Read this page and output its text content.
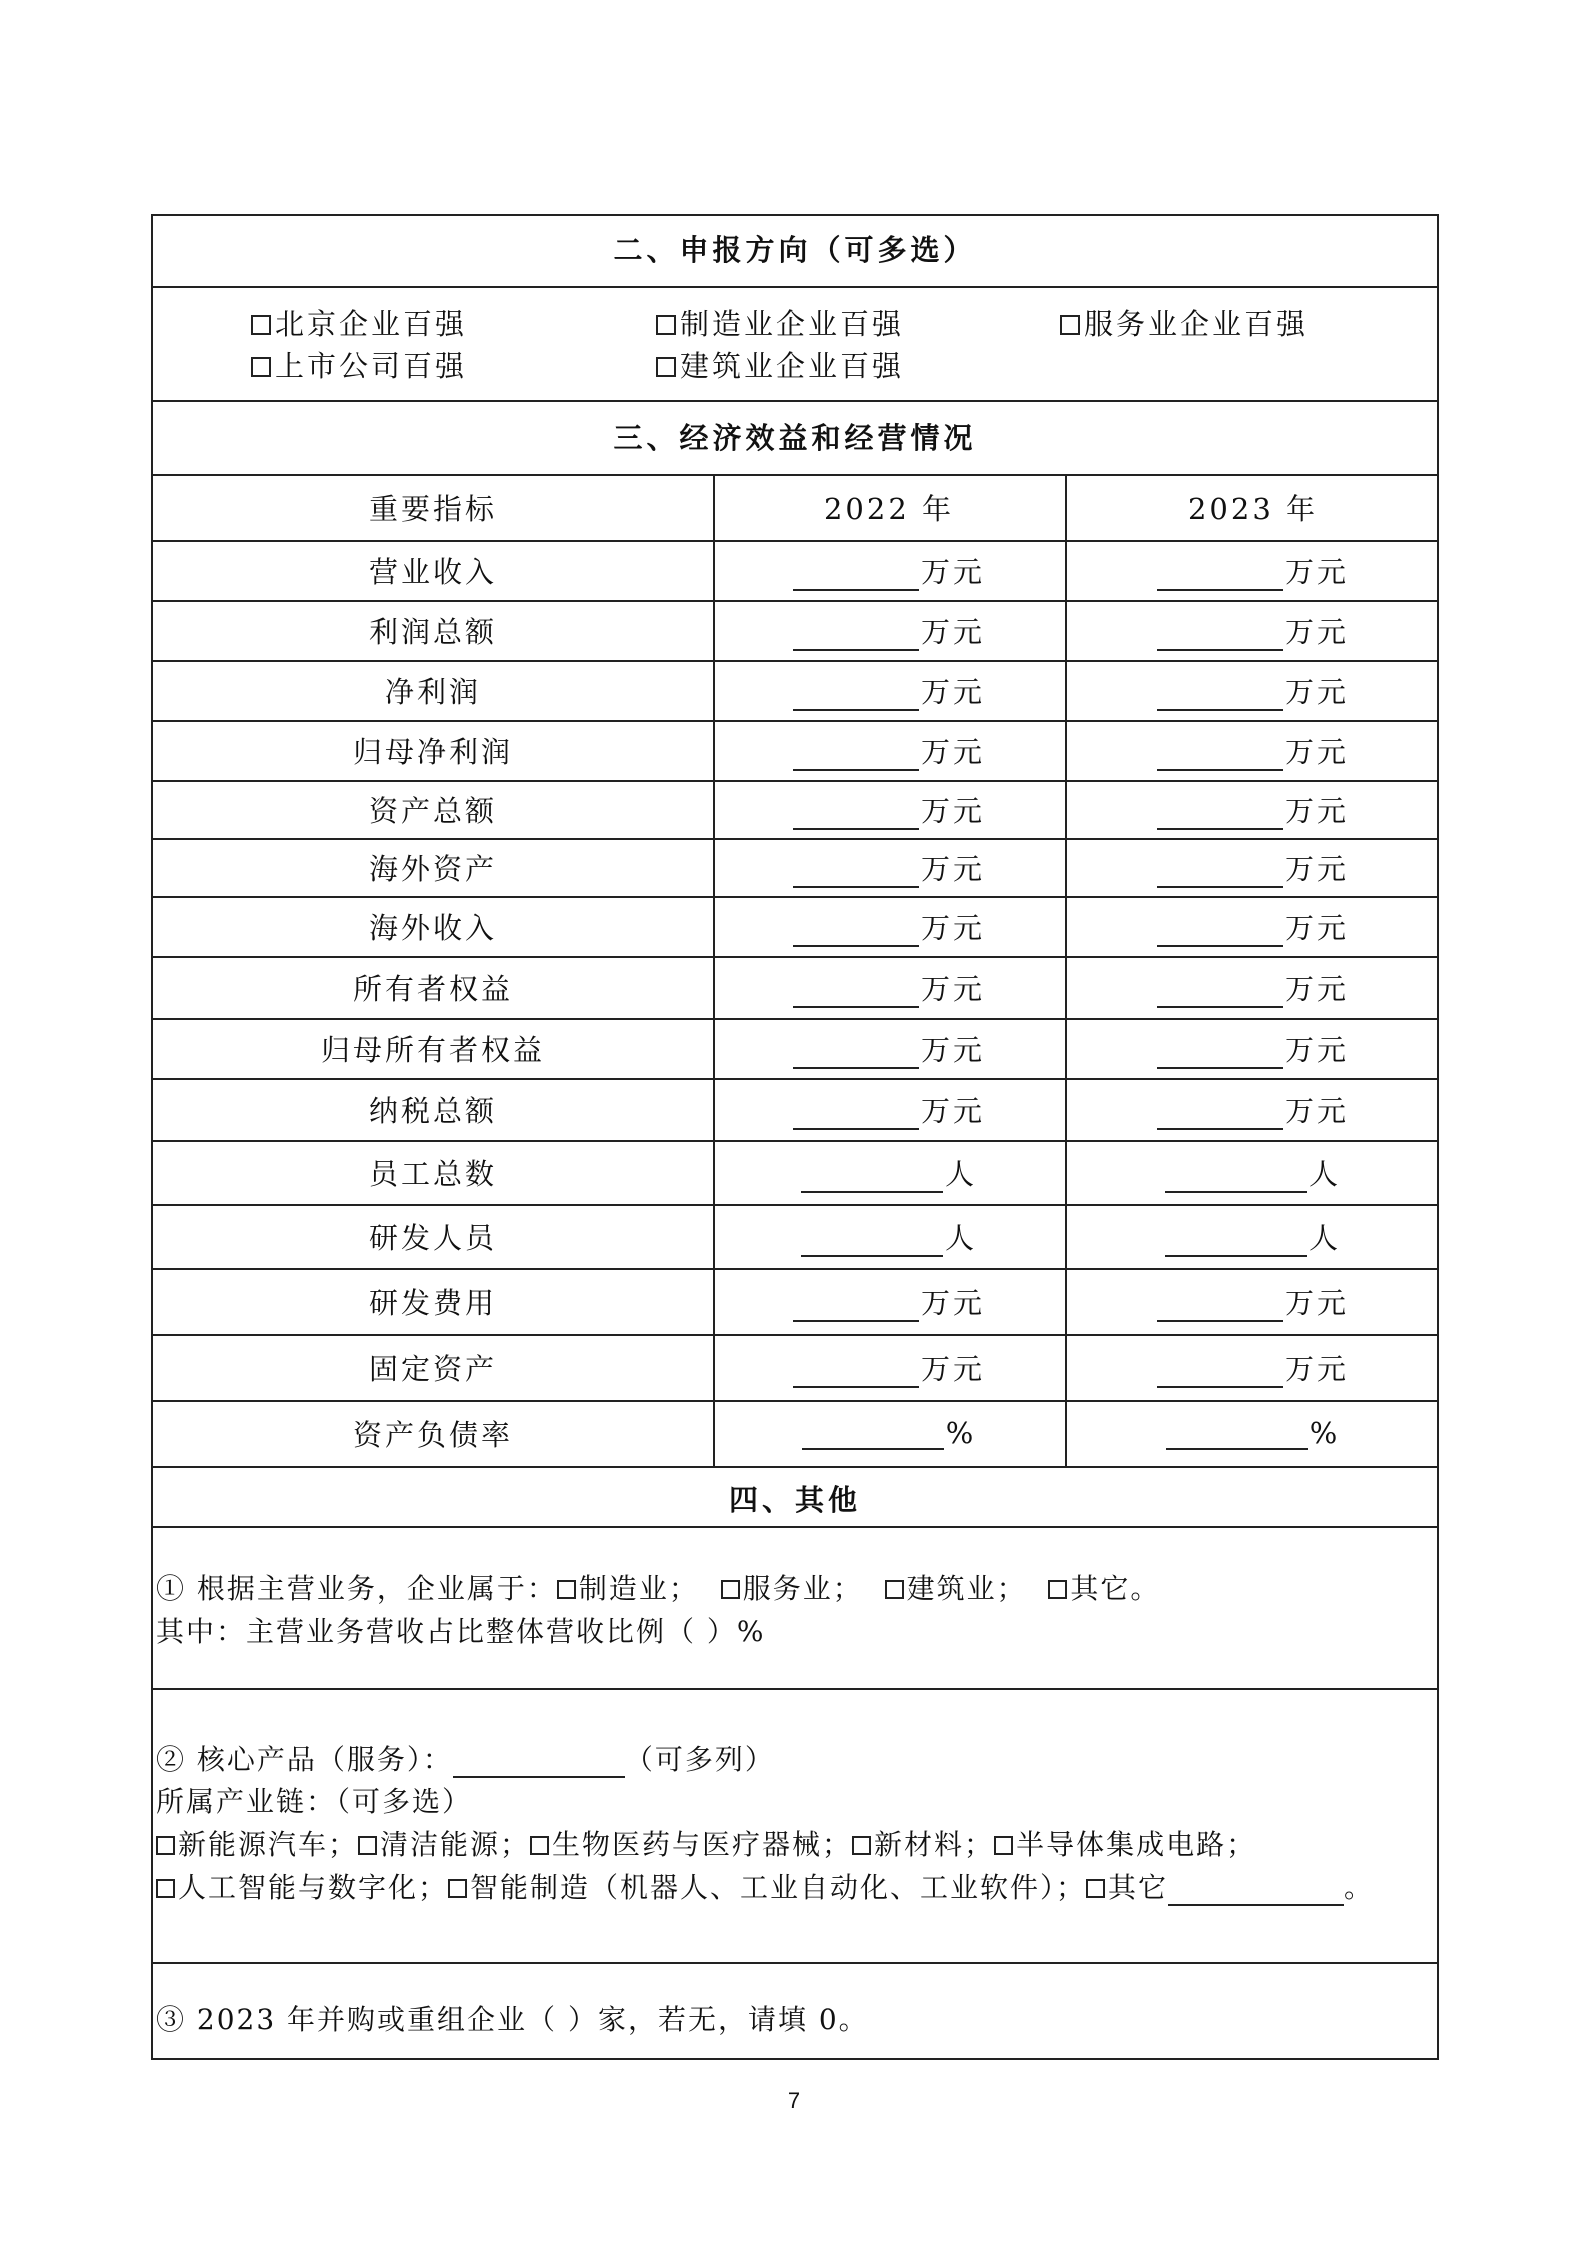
二、申报方向（可多选）
北京企业百强	制造业企业百强	服务业企业百强
上市公司百强	建筑业企业百强
三、经济效益和经营情况
重要指标	2022 年	2023 年
营业收入	万元	万元
利润总额	万元	万元
净利润	万元	万元
归母净利润	万元	万元
资产总额	万元	万元
海外资产	万元	万元
海外收入	万元	万元
所有者权益	万元	万元
归母所有者权益	万元	万元
纳税总额	万元	万元
员工总数	人	人
研发人员	人	人
研发费用	万元	万元
固定资产	万元	万元
资产负债率	%	%
四、其他
① 根据主营业务，企业属于： 制造业； 服务业； 建筑业； 其它。
其中：主营业务营收占比整体营收比例（ ）%
② 核心产品（服务）：	（可多列）
所属产业链：（可多选）
新能源汽车； 清洁能源； 生物医药与医疗器械； 新材料； 半导体集成电路；
人工智能与数字化； 智能制造（机器人、工业自动化、工业软件）； 其它	。
③ 2023 年并购或重组企业（ ）家，若无，请填 0。
7
